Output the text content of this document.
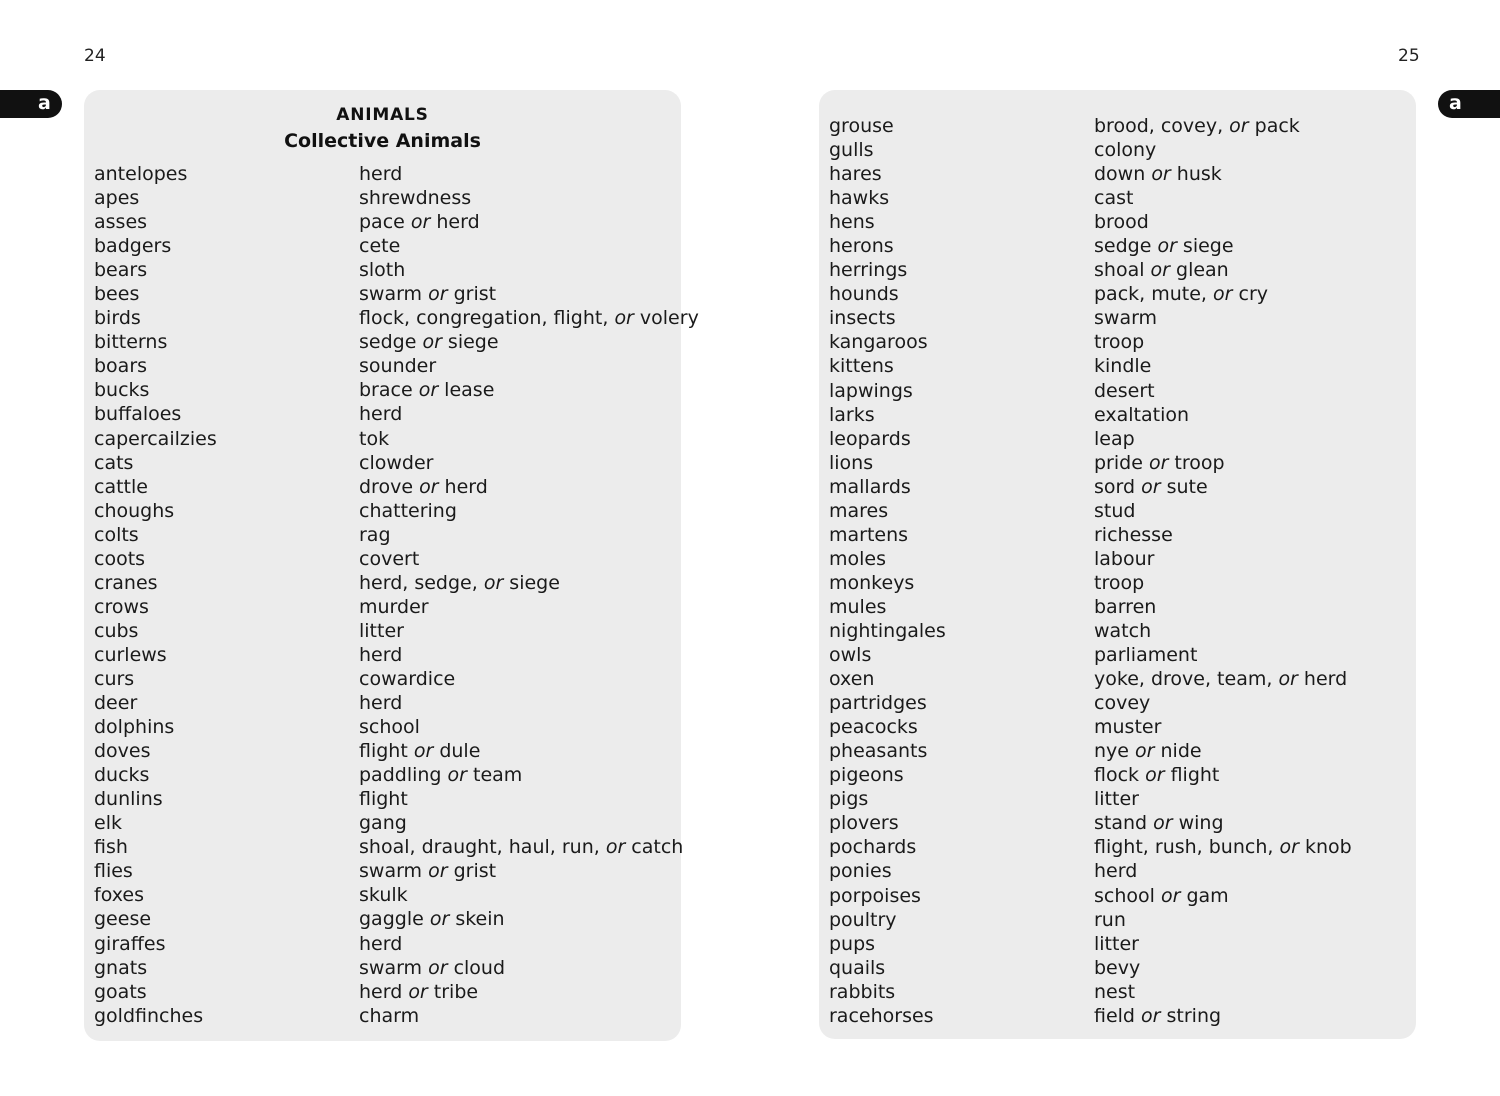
24	25
a	a
ANIMALS
Collective Animals
antelopes	herd
apes	shrewdness
asses	pace or herd
badgers	cete
bears	sloth
bees	swarm or grist
birds	flock, congregation, flight, or volery
bitterns	sedge or siege
boars	sounder
bucks	brace or lease
buffaloes	herd
capercailzies	tok
cats	clowder
cattle	drove or herd
choughs	chattering
colts	rag
coots	covert
cranes	herd, sedge, or siege
crows	murder
cubs	litter
curlews	herd
curs	cowardice
deer	herd
dolphins	school
doves	flight or dule
ducks	paddling or team
dunlins	flight
elk	gang
fish	shoal, draught, haul, run, or catch
flies	swarm or grist
foxes	skulk
geese	gaggle or skein
giraffes	herd
gnats	swarm or cloud
goats	herd or tribe
goldfinches	charm
grouse	brood, covey, or pack
gulls	colony
hares	down or husk
hawks	cast
hens	brood
herons	sedge or siege
herrings	shoal or glean
hounds	pack, mute, or cry
insects	swarm
kangaroos	troop
kittens	kindle
lapwings	desert
larks	exaltation
leopards	leap
lions	pride or troop
mallards	sord or sute
mares	stud
martens	richesse
moles	labour
monkeys	troop
mules	barren
nightingales	watch
owls	parliament
oxen	yoke, drove, team, or herd
partridges	covey
peacocks	muster
pheasants	nye or nide
pigeons	flock or flight
pigs	litter
plovers	stand or wing
pochards	flight, rush, bunch, or knob
ponies	herd
porpoises	school or gam
poultry	run
pups	litter
quails	bevy
rabbits	nest
racehorses	field or string
